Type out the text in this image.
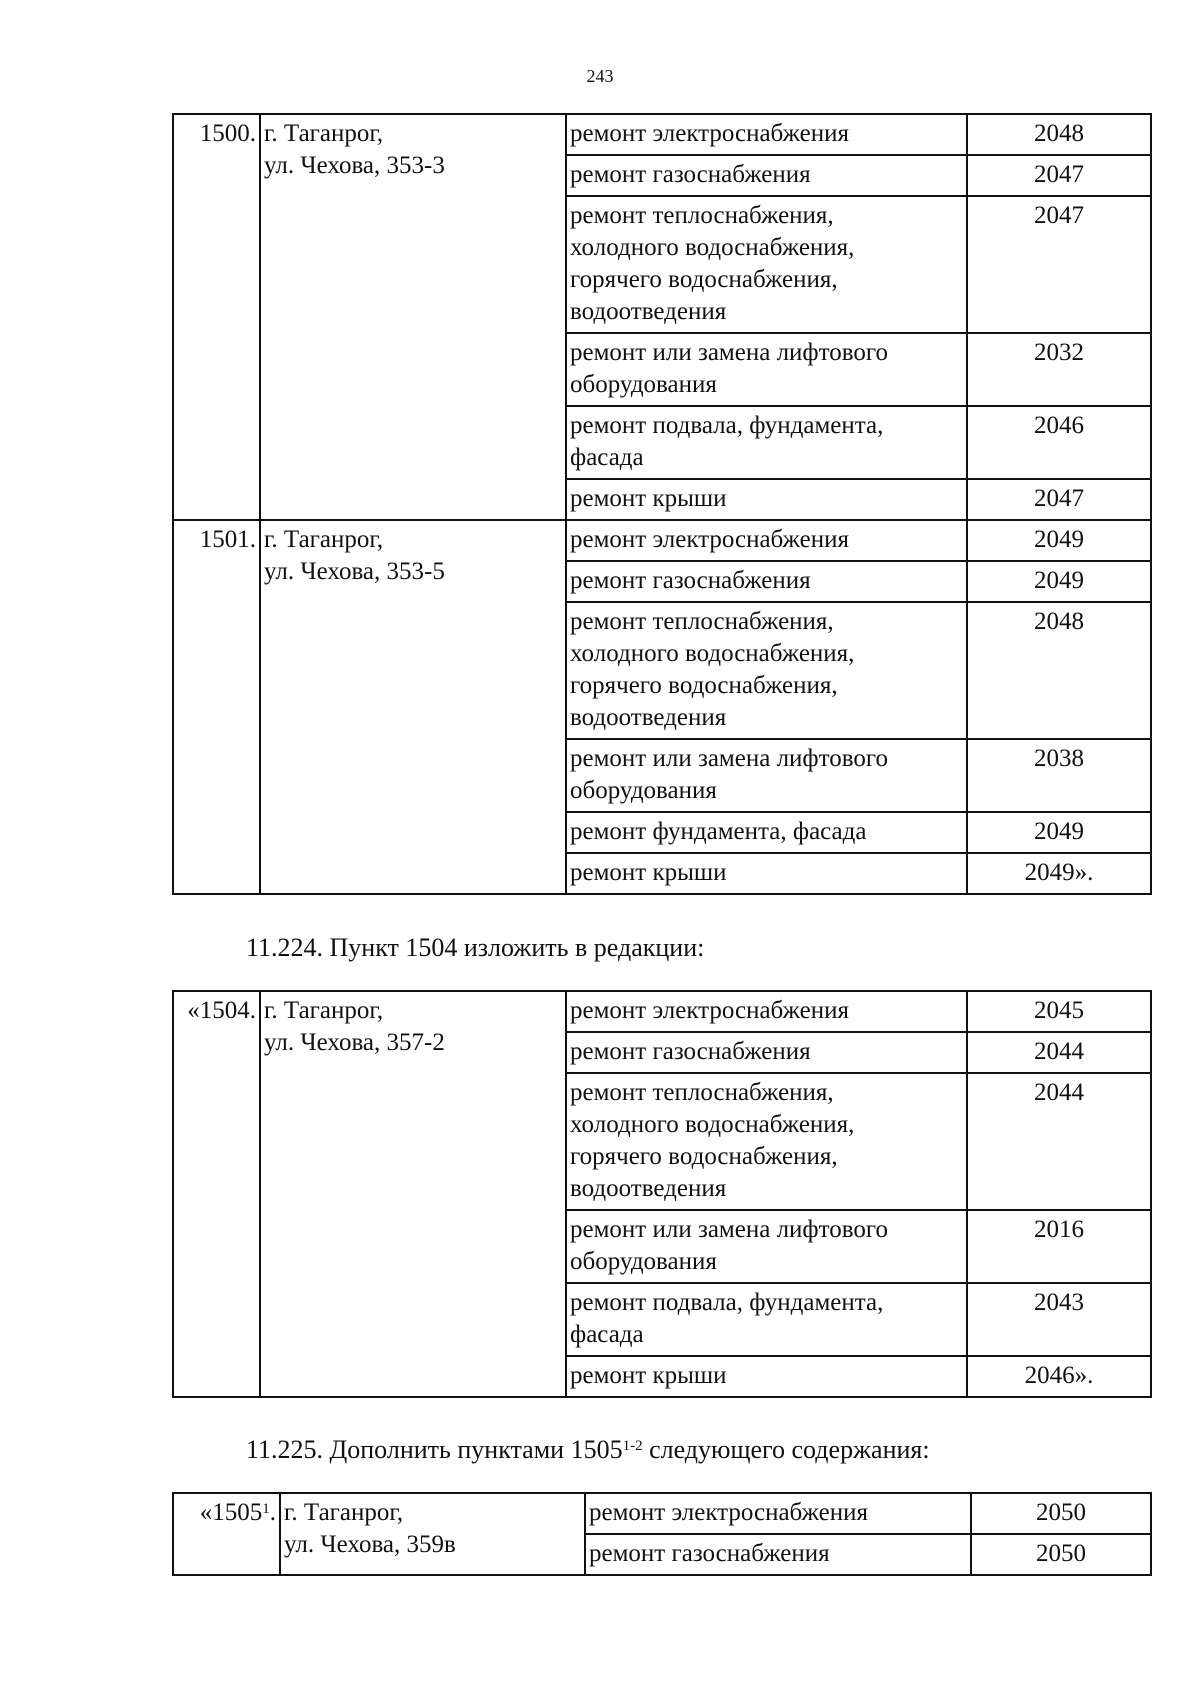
243
1500.	г. Таганрог,
ул. Чехова, 353-3	ремонт электроснабжения	2048

		ремонт газоснабжения	2047

		ремонт теплоснабжения,
холодного водоснабжения,
горячего водоснабжения,
водоотведения	2047

		ремонт или замена лифтового
оборудования	2032

		ремонт подвала, фундамента,
фасада	2046

		ремонт крыши	2047
1501.	г. Таганрог,
ул. Чехова, 353-5	ремонт электроснабжения	2049

		ремонт газоснабжения	2049

		ремонт теплоснабжения,
холодного водоснабжения,
горячего водоснабжения,
водоотведения	2048

		ремонт или замена лифтового
оборудования	2038

		ремонт фундамента, фасада	2049

		ремонт крыши	2049».
11.224. Пункт 1504 изложить в редакции:
«1504.	г. Таганрог,
ул. Чехова, 357-2	ремонт электроснабжения	2045

		ремонт газоснабжения	2044

		ремонт теплоснабжения,
холодного водоснабжения,
горячего водоснабжения,
водоотведения	2044

		ремонт или замена лифтового
оборудования	2016

		ремонт подвала, фундамента,
фасада	2043

		ремонт крыши	2046».
11.225. Дополнить пунктами 1505$^{1-2}$ следующего содержания:
«1505$^1$.	г. Таганрог,
ул. Чехова, 359в	ремонт электроснабжения	2050

		ремонт газоснабжения	2050
